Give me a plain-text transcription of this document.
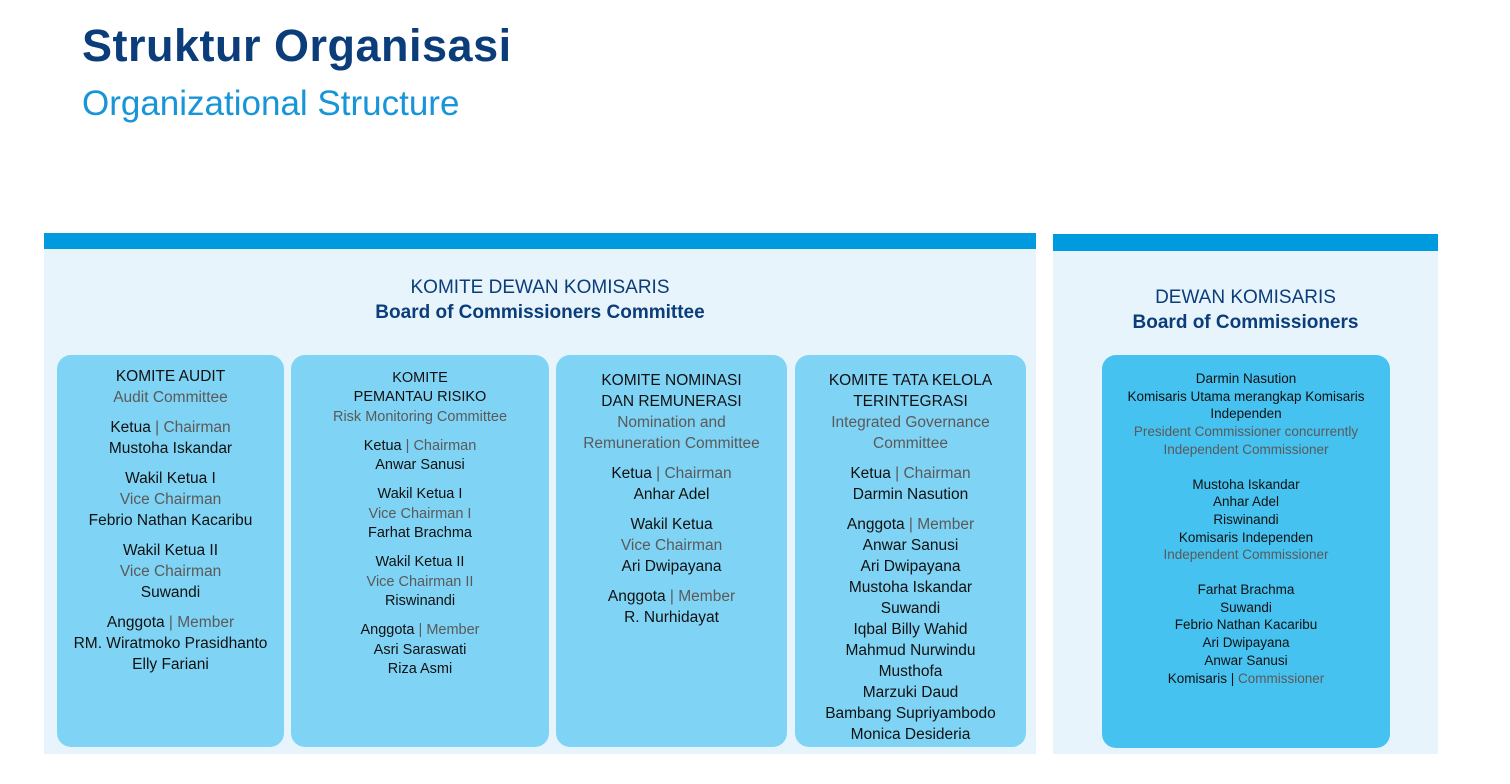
Struktur Organisasi
Organizational Structure
KOMITE DEWAN KOMISARIS
Board of Commissioners Committee
KOMITE AUDIT
Audit Committee
Ketua | Chairman
Mustoha Iskandar
Wakil Ketua I
Vice Chairman
Febrio Nathan Kacaribu
Wakil Ketua II
Vice Chairman
Suwandi
Anggota | Member
RM. Wiratmoko Prasidhanto
Elly Fariani
KOMITE
PEMANTAU RISIKO
Risk Monitoring Committee
Ketua | Chairman
Anwar Sanusi
Wakil Ketua I
Vice Chairman I
Farhat Brachma
Wakil Ketua II
Vice Chairman II
Riswinandi
Anggota | Member
Asri Saraswati
Riza Asmi
KOMITE NOMINASI
DAN REMUNERASI
Nomination and
Remuneration Committee
Ketua | Chairman
Anhar Adel
Wakil Ketua
Vice Chairman
Ari Dwipayana
Anggota | Member
R. Nurhidayat
KOMITE TATA KELOLA
TERINTEGRASI
Integrated Governance
Committee
Ketua | Chairman
Darmin Nasution
Anggota | Member
Anwar Sanusi
Ari Dwipayana
Mustoha Iskandar
Suwandi
Iqbal Billy Wahid
Mahmud Nurwindu
Musthofa
Marzuki Daud
Bambang Supriyambodo
Monica Desideria
DEWAN KOMISARIS
Board of Commissioners
Darmin Nasution
Komisaris Utama merangkap Komisaris
Independen
President Commissioner concurrently
Independent Commissioner
Mustoha Iskandar
Anhar Adel
Riswinandi
Komisaris Independen
Independent Commissioner
Farhat Brachma
Suwandi
Febrio Nathan Kacaribu
Ari Dwipayana
Anwar Sanusi
Komisaris | Commissioner
